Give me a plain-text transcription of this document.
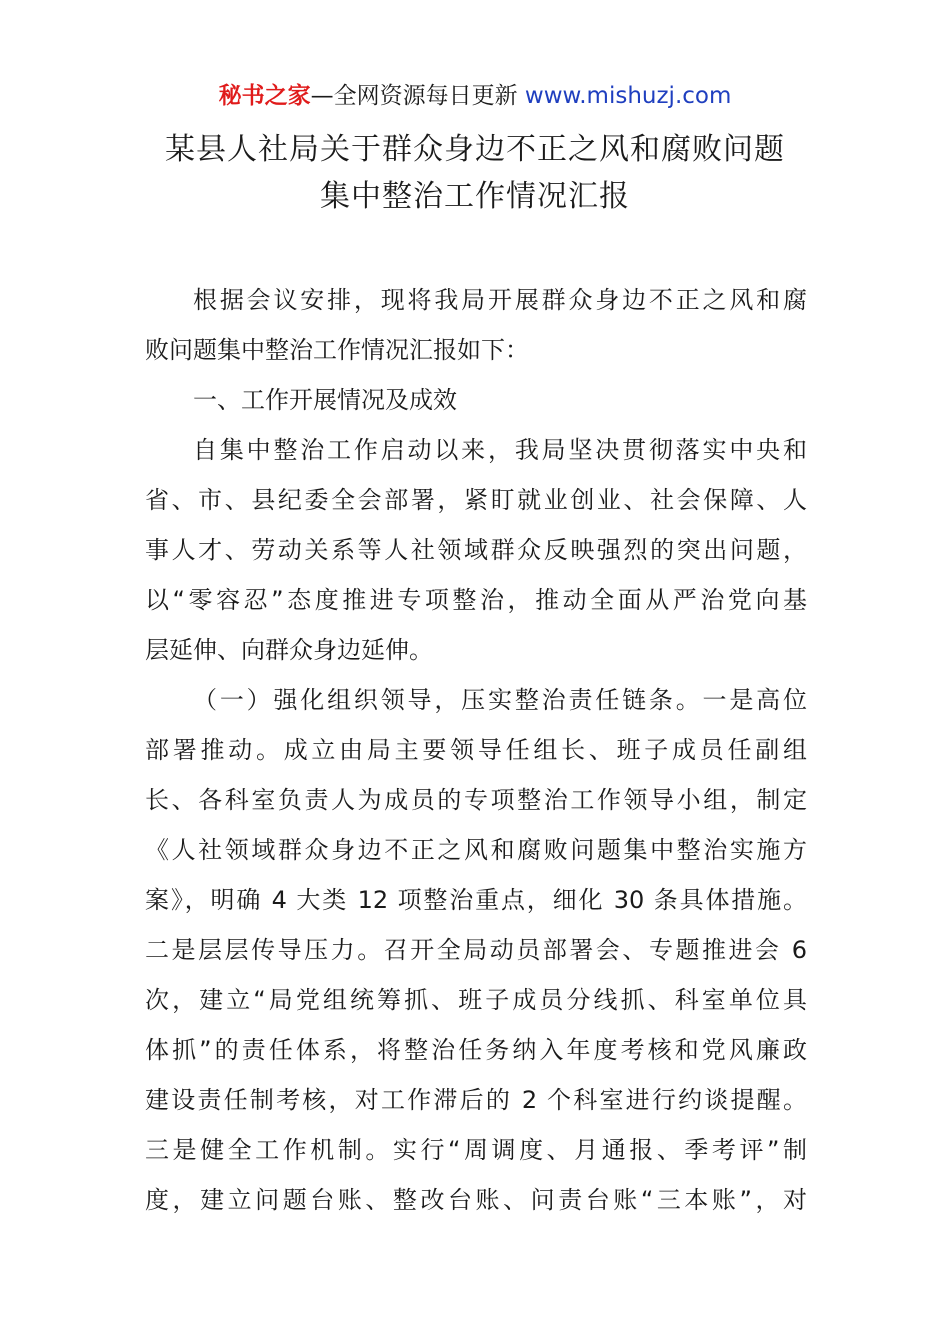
秘书之家—全网资源每日更新 www.mishuzj.com
某县人社局关于群众身边不正之风和腐败问题
集中整治工作情况汇报
根据会议安排，现将我局开展群众身边不正之风和腐
败问题集中整治工作情况汇报如下：
一、工作开展情况及成效
自集中整治工作启动以来，我局坚决贯彻落实中央和
省、市、县纪委全会部署，紧盯就业创业、社会保障、人
事人才、劳动关系等人社领域群众反映强烈的突出问题，
以“零容忍”态度推进专项整治，推动全面从严治党向基
层延伸、向群众身边延伸。
（一）强化组织领导，压实整治责任链条。一是高位
部署推动。成立由局主要领导任组长、班子成员任副组
长、各科室负责人为成员的专项整治工作领导小组，制定
《人社领域群众身边不正之风和腐败问题集中整治实施方
案》，明确 4 大类 12 项整治重点，细化 30 条具体措施。
二是层层传导压力。召开全局动员部署会、专题推进会 6
次，建立“局党组统筹抓、班子成员分线抓、科室单位具
体抓”的责任体系，将整治任务纳入年度考核和党风廉政
建设责任制考核，对工作滞后的 2 个科室进行约谈提醒。
三是健全工作机制。实行“周调度、月通报、季考评”制
度，建立问题台账、整改台账、问责台账“三本账”，对
